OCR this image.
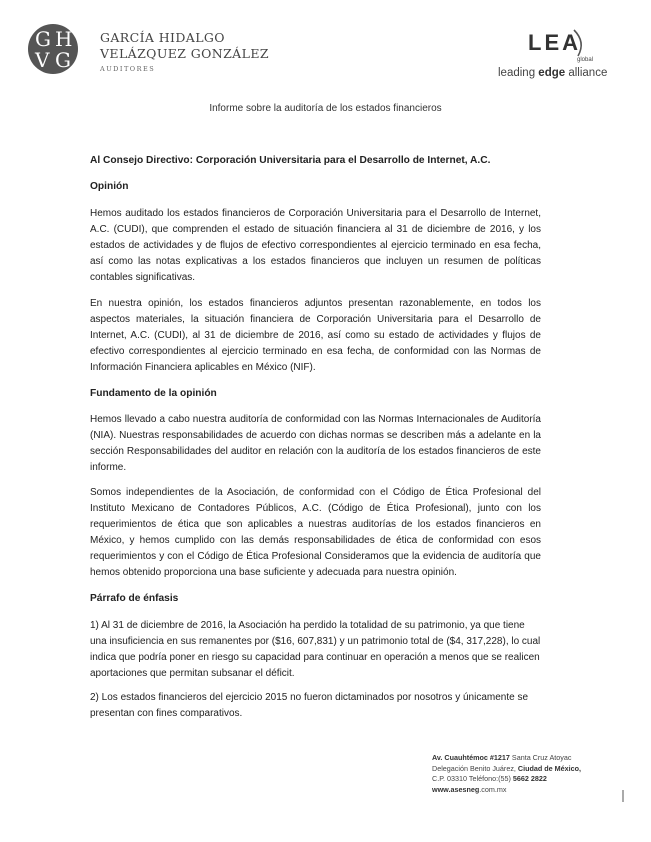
G H
V G
GARCÍA HIDALGO
VELÁZQUEZ GONZÁLEZ
AUDITORES
LEA
global
leading edge alliance
Informe sobre la auditoría de los estados financieros
Al Consejo Directivo: Corporación Universitaria para el Desarrollo de Internet, A.C.
Opinión

Hemos auditado los estados financieros de Corporación Universitaria para el Desarrollo de Internet, A.C. (CUDI), que comprenden el estado de situación financiera al 31 de diciembre de 2016, y los estados de actividades y de flujos de efectivo correspondientes al ejercicio terminado en esa fecha, así como las notas explicativas a los estados financieros que incluyen un resumen de políticas contables significativas.

En nuestra opinión, los estados financieros adjuntos presentan razonablemente, en todos los aspectos materiales, la situación financiera de Corporación Universitaria para el Desarrollo de Internet, A.C. (CUDI), al 31 de diciembre de 2016, así como su estado de actividades y flujos de efectivo correspondientes al ejercicio terminado en esa fecha, de conformidad con las Normas de Información Financiera aplicables en México (NIF).

Fundamento de la opinión

Hemos llevado a cabo nuestra auditoría de conformidad con las Normas Internacionales de Auditoría (NIA). Nuestras responsabilidades de acuerdo con dichas normas se describen más a adelante en la sección Responsabilidades del auditor en relación con la auditoría de los estados financieros de este informe.

Somos independientes de la Asociación, de conformidad con el Código de Ética Profesional del Instituto Mexicano de Contadores Públicos, A.C. (Código de Ética Profesional), junto con los requerimientos de ética que son aplicables a nuestras auditorías de los estados financieros en México, y hemos cumplido con las demás responsabilidades de ética de conformidad con esos requerimientos y con el Código de Ética Profesional Consideramos que la evidencia de auditoría que hemos obtenido proporciona una base suficiente y adecuada para nuestra opinión.

Párrafo de énfasis

1) Al 31 de diciembre de 2016, la Asociación ha perdido la totalidad de su patrimonio, ya que tiene una insuficiencia en sus remanentes por ($16, 607,831) y un patrimonio total de ($4, 317,228), lo cual indica que podría poner en riesgo su capacidad para continuar en operación a menos que se realicen aportaciones que permitan subsanar el déficit.

2) Los estados financieros del ejercicio 2015 no fueron dictaminados por nosotros y únicamente se presentan con fines comparativos.

Av. Cuauhtémoc #1217 Santa Cruz Atoyac
Delegación Benito Juárez, Ciudad de México,
C.P. 03310 Teléfono:(55) 5662 2822
www.asesneg.com.mx
